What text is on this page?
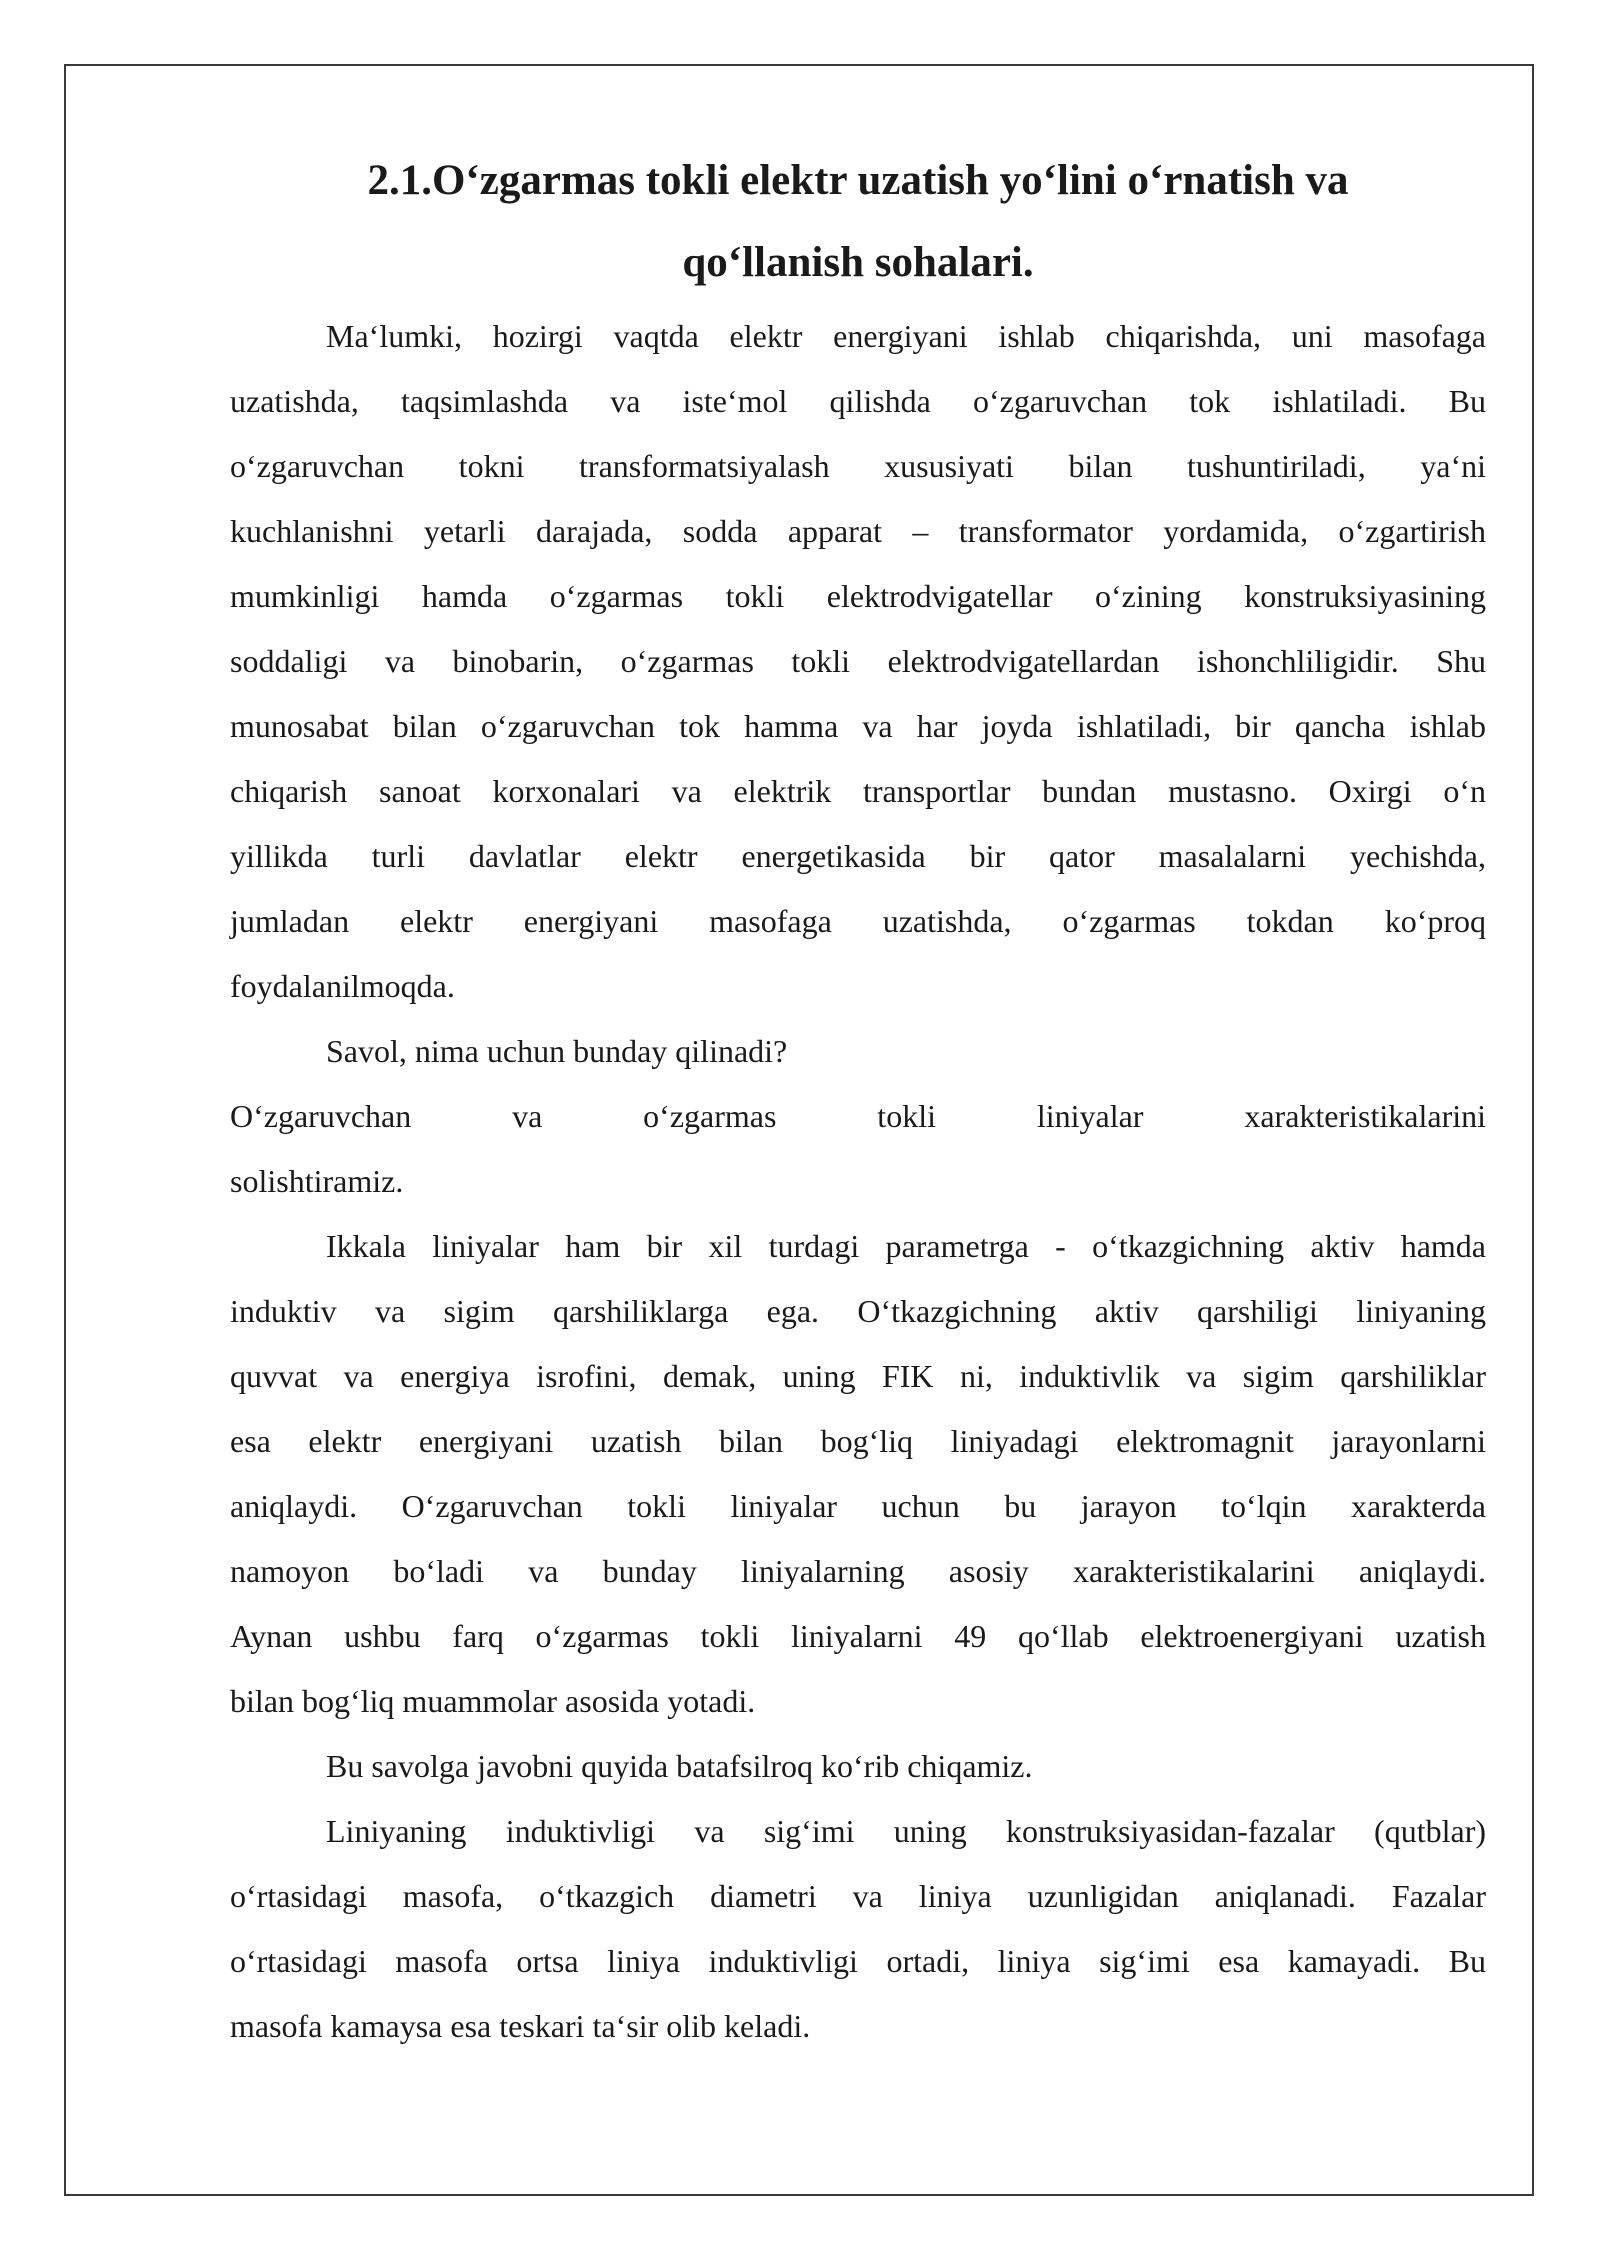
2.1.Oʻzgarmas tokli elektr uzatish yoʻlini oʻrnatish va
qoʻllanish sohalari.

Maʻlumki, hozirgi vaqtda elektr energiyani ishlab chiqarishda, uni masofaga
uzatishda, taqsimlashda va isteʻmol qilishda oʻzgaruvchan tok ishlatiladi. Bu
oʻzgaruvchan tokni transformatsiyalash xususiyati bilan tushuntiriladi, yaʻni
kuchlanishni yetarli darajada, sodda apparat – transformator yordamida, oʻzgartirish
mumkinligi hamda oʻzgarmas tokli elektrodvigatellar oʻzining konstruksiyasining
soddaligi va binobarin, oʻzgarmas tokli elektrodvigatellardan ishonchliligidir. Shu
munosabat bilan oʻzgaruvchan tok hamma va har joyda ishlatiladi, bir qancha ishlab
chiqarish sanoat korxonalari va elektrik transportlar bundan mustasno. Oxirgi oʻn
yillikda turli davlatlar elektr energetikasida bir qator masalalarni yechishda,
jumladan elektr energiyani masofaga uzatishda, oʻzgarmas tokdan koʻproq
foydalanilmoqda.

Savol, nima uchun bunday qilinadi?

Oʻzgaruvchan va oʻzgarmas tokli liniyalar xarakteristikalarini
solishtiramiz.

Ikkala liniyalar ham bir xil turdagi parametrga - oʻtkazgichning aktiv hamda
induktiv va sigim qarshiliklarga ega. Oʻtkazgichning aktiv qarshiligi liniyaning
quvvat va energiya isrofini, demak, uning FIK ni, induktivlik va sigim qarshiliklar
esa elektr energiyani uzatish bilan bogʻliq liniyadagi elektromagnit jarayonlarni
aniqlaydi. Oʻzgaruvchan tokli liniyalar uchun bu jarayon toʻlqin xarakterda
namoyon boʻladi va bunday liniyalarning asosiy xarakteristikalarini aniqlaydi.
Aynan ushbu farq oʻzgarmas tokli liniyalarni 49 qoʻllab elektroenergiyani uzatish
bilan bogʻliq muammolar asosida yotadi.

Bu savolga javobni quyida batafsilroq koʻrib chiqamiz.

Liniyaning induktivligi va sigʻimi uning konstruksiyasidan-fazalar (qutblar)
oʻrtasidagi masofa, oʻtkazgich diametri va liniya uzunligidan aniqlanadi. Fazalar
oʻrtasidagi masofa ortsa liniya induktivligi ortadi, liniya sigʻimi esa kamayadi. Bu
masofa kamaysa esa teskari taʻsir olib keladi.
